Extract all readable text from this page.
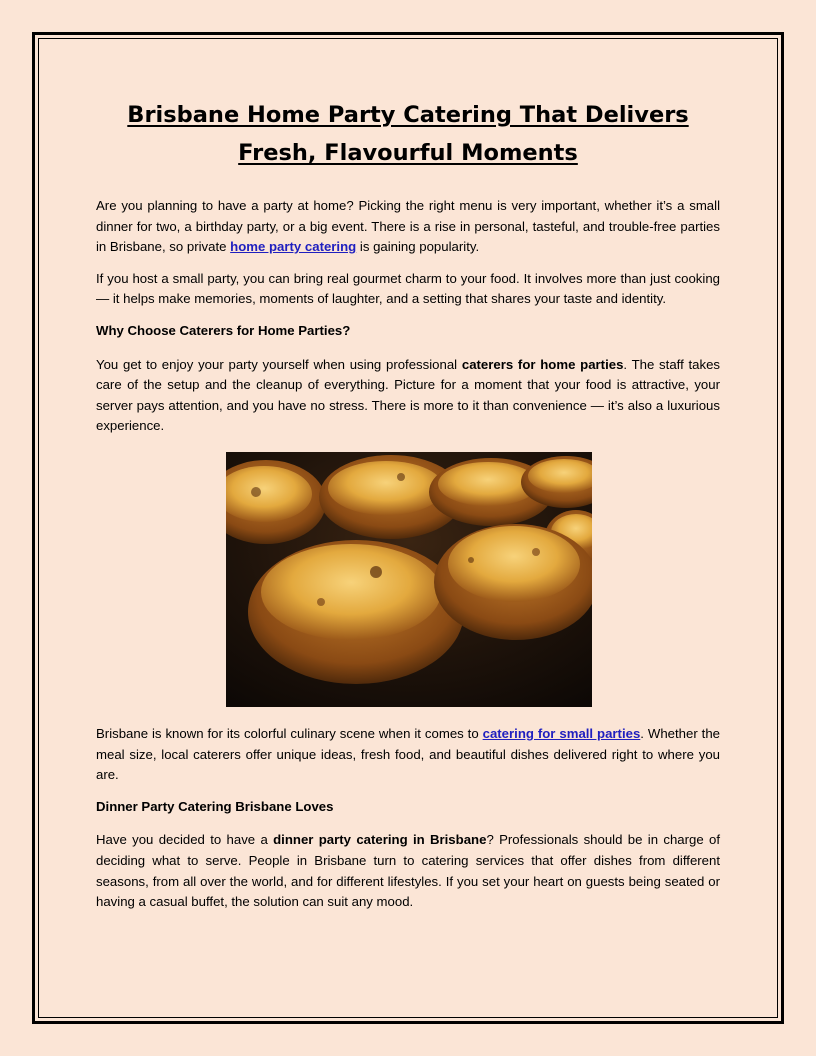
Brisbane Home Party Catering That Delivers
Fresh, Flavourful Moments

Are you planning to have a party at home? Picking the right menu is very important, whether it’s a small dinner for two, a birthday party, or a big event. There is a rise in personal, tasteful, and trouble-free parties in Brisbane, so private home party catering is gaining popularity.

If you host a small party, you can bring real gourmet charm to your food. It involves more than just cooking — it helps make memories, moments of laughter, and a setting that shares your taste and identity.

Why Choose Caterers for Home Parties?

You get to enjoy your party yourself when using professional caterers for home parties. The staff takes care of the setup and the cleanup of everything. Picture for a moment that your food is attractive, your server pays attention, and you have no stress. There is more to it than convenience — it’s also a luxurious experience.

Brisbane is known for its colorful culinary scene when it comes to catering for small parties. Whether the meal size, local caterers offer unique ideas, fresh food, and beautiful dishes delivered right to where you are.

Dinner Party Catering Brisbane Loves

Have you decided to have a dinner party catering in Brisbane? Professionals should be in charge of deciding what to serve. People in Brisbane turn to catering services that offer dishes from different seasons, from all over the world, and for different lifestyles. If you set your heart on guests being seated or having a casual buffet, the solution can suit any mood.
